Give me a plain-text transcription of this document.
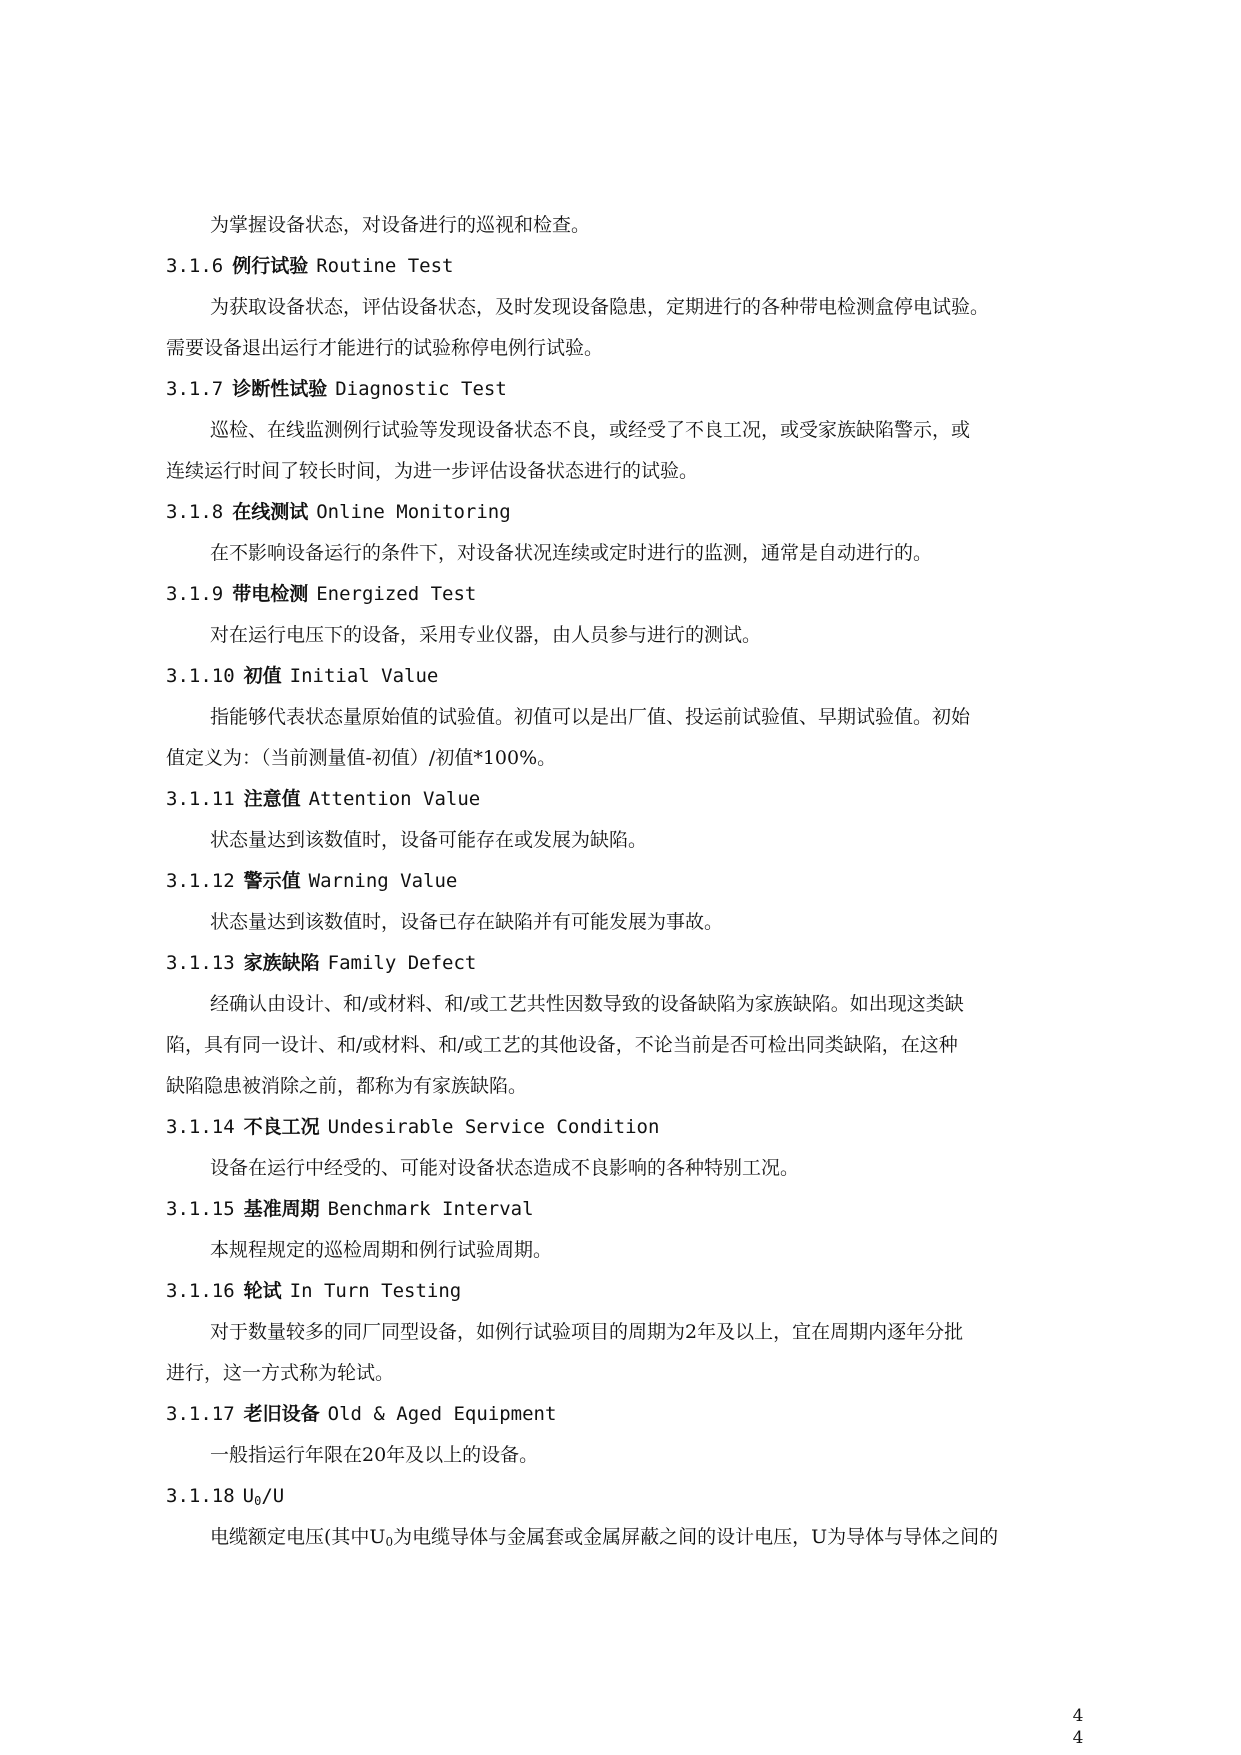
为掌握设备状态，对设备进行的巡视和检查。
3.1.6 例行试验 Routine Test
为获取设备状态，评估设备状态，及时发现设备隐患，定期进行的各种带电检测盒停电试验。
需要设备退出运行才能进行的试验称停电例行试验。
3.1.7 诊断性试验 Diagnostic Test
巡检、在线监测例行试验等发现设备状态不良，或经受了不良工况，或受家族缺陷警示，或
连续运行时间了较长时间，为进一步评估设备状态进行的试验。
3.1.8 在线测试 Online Monitoring
在不影响设备运行的条件下，对设备状况连续或定时进行的监测，通常是自动进行的。
3.1.9 带电检测 Energized Test
对在运行电压下的设备，采用专业仪器，由人员参与进行的测试。
3.1.10 初值 Initial Value
指能够代表状态量原始值的试验值。初值可以是出厂值、投运前试验值、早期试验值。初始
值定义为：（当前测量值-初值）/初值*100%。
3.1.11 注意值 Attention Value
状态量达到该数值时，设备可能存在或发展为缺陷。
3.1.12 警示值 Warning Value
状态量达到该数值时，设备已存在缺陷并有可能发展为事故。
3.1.13 家族缺陷 Family Defect
经确认由设计、和/或材料、和/或工艺共性因数导致的设备缺陷为家族缺陷。如出现这类缺
陷，具有同一设计、和/或材料、和/或工艺的其他设备，不论当前是否可检出同类缺陷，在这种
缺陷隐患被消除之前，都称为有家族缺陷。
3.1.14 不良工况 Undesirable Service Condition
设备在运行中经受的、可能对设备状态造成不良影响的各种特别工况。
3.1.15 基准周期 Benchmark Interval
本规程规定的巡检周期和例行试验周期。
3.1.16 轮试 In Turn Testing
对于数量较多的同厂同型设备，如例行试验项目的周期为2年及以上，宜在周期内逐年分批
进行，这一方式称为轮试。
3.1.17 老旧设备 Old & Aged Equipment
一般指运行年限在20年及以上的设备。
3.1.18 $U_0/U$
电缆额定电压(其中$U_0$为电缆导体与金属套或金属屏蔽之间的设计电压，U为导体与导体之间的
4
4
